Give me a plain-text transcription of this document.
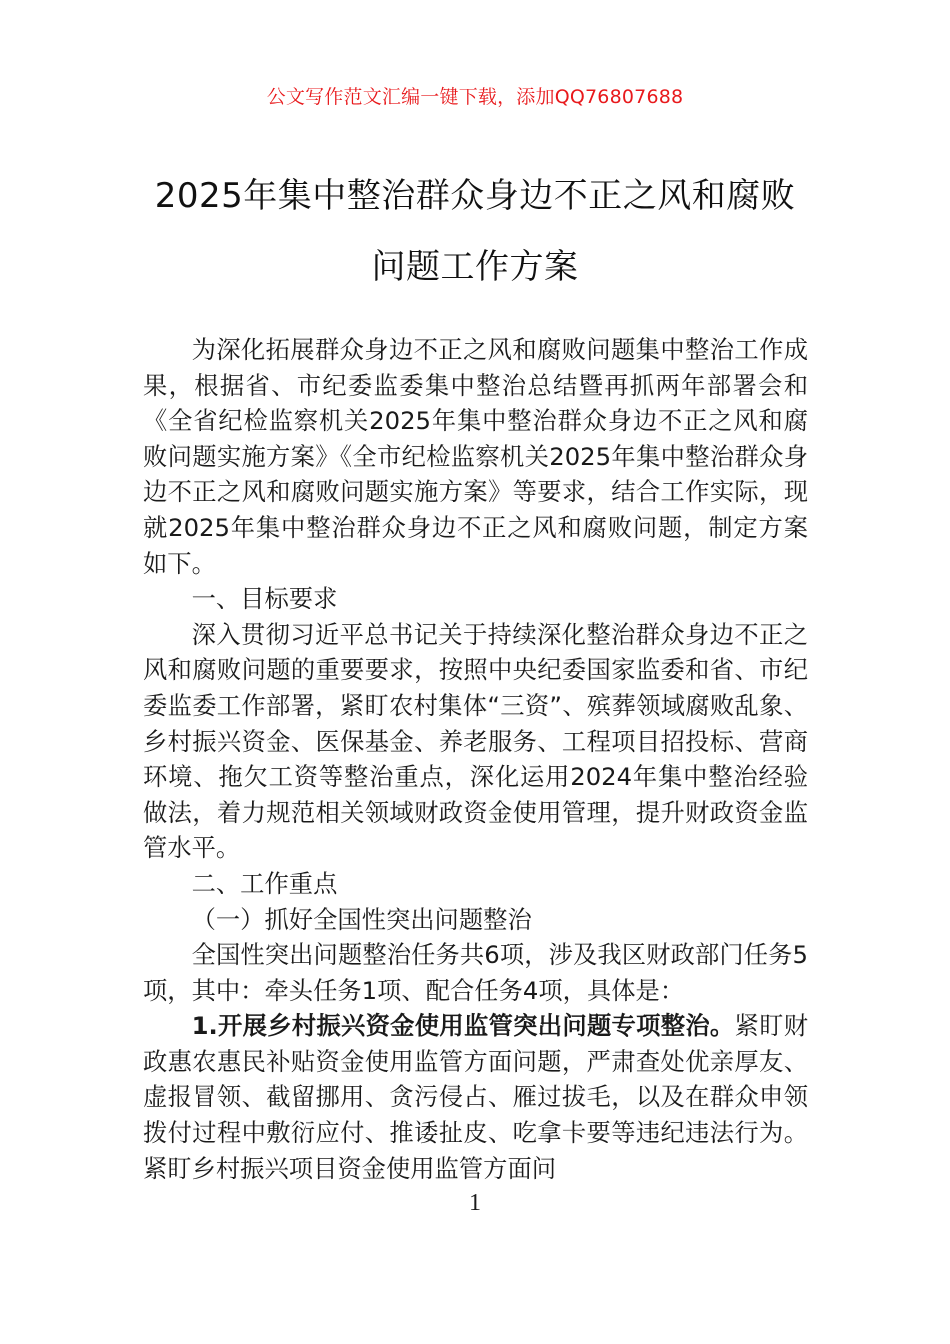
公文写作范文汇编一键下载，添加QQ76807688
2025年集中整治群众身边不正之风和腐败
问题工作方案

为深化拓展群众身边不正之风和腐败问题集中整治工作成果，根据省、市纪委监委集中整治总结暨再抓两年部署会和《全省纪检监察机关2025年集中整治群众身边不正之风和腐败问题实施方案》《全市纪检监察机关2025年集中整治群众身边不正之风和腐败问题实施方案》等要求，结合工作实际，现就2025年集中整治群众身边不正之风和腐败问题，制定方案如下。

一、目标要求

深入贯彻习近平总书记关于持续深化整治群众身边不正之风和腐败问题的重要要求，按照中央纪委国家监委和省、市纪委监委工作部署，紧盯农村集体“三资”、殡葬领域腐败乱象、乡村振兴资金、医保基金、养老服务、工程项目招投标、营商环境、拖欠工资等整治重点，深化运用2024年集中整治经验做法，着力规范相关领域财政资金使用管理，提升财政资金监管水平。

二、工作重点

（一）抓好全国性突出问题整治

全国性突出问题整治任务共6项，涉及我区财政部门任务5项，其中：牵头任务1项、配合任务4项，具体是：

1.开展乡村振兴资金使用监管突出问题专项整治。紧盯财政惠农惠民补贴资金使用监管方面问题，严肃查处优亲厚友、虚报冒领、截留挪用、贪污侵占、雁过拔毛，以及在群众申领拨付过程中敷衍应付、推诿扯皮、吃拿卡要等违纪违法行为。紧盯乡村振兴项目资金使用监管方面问

1
